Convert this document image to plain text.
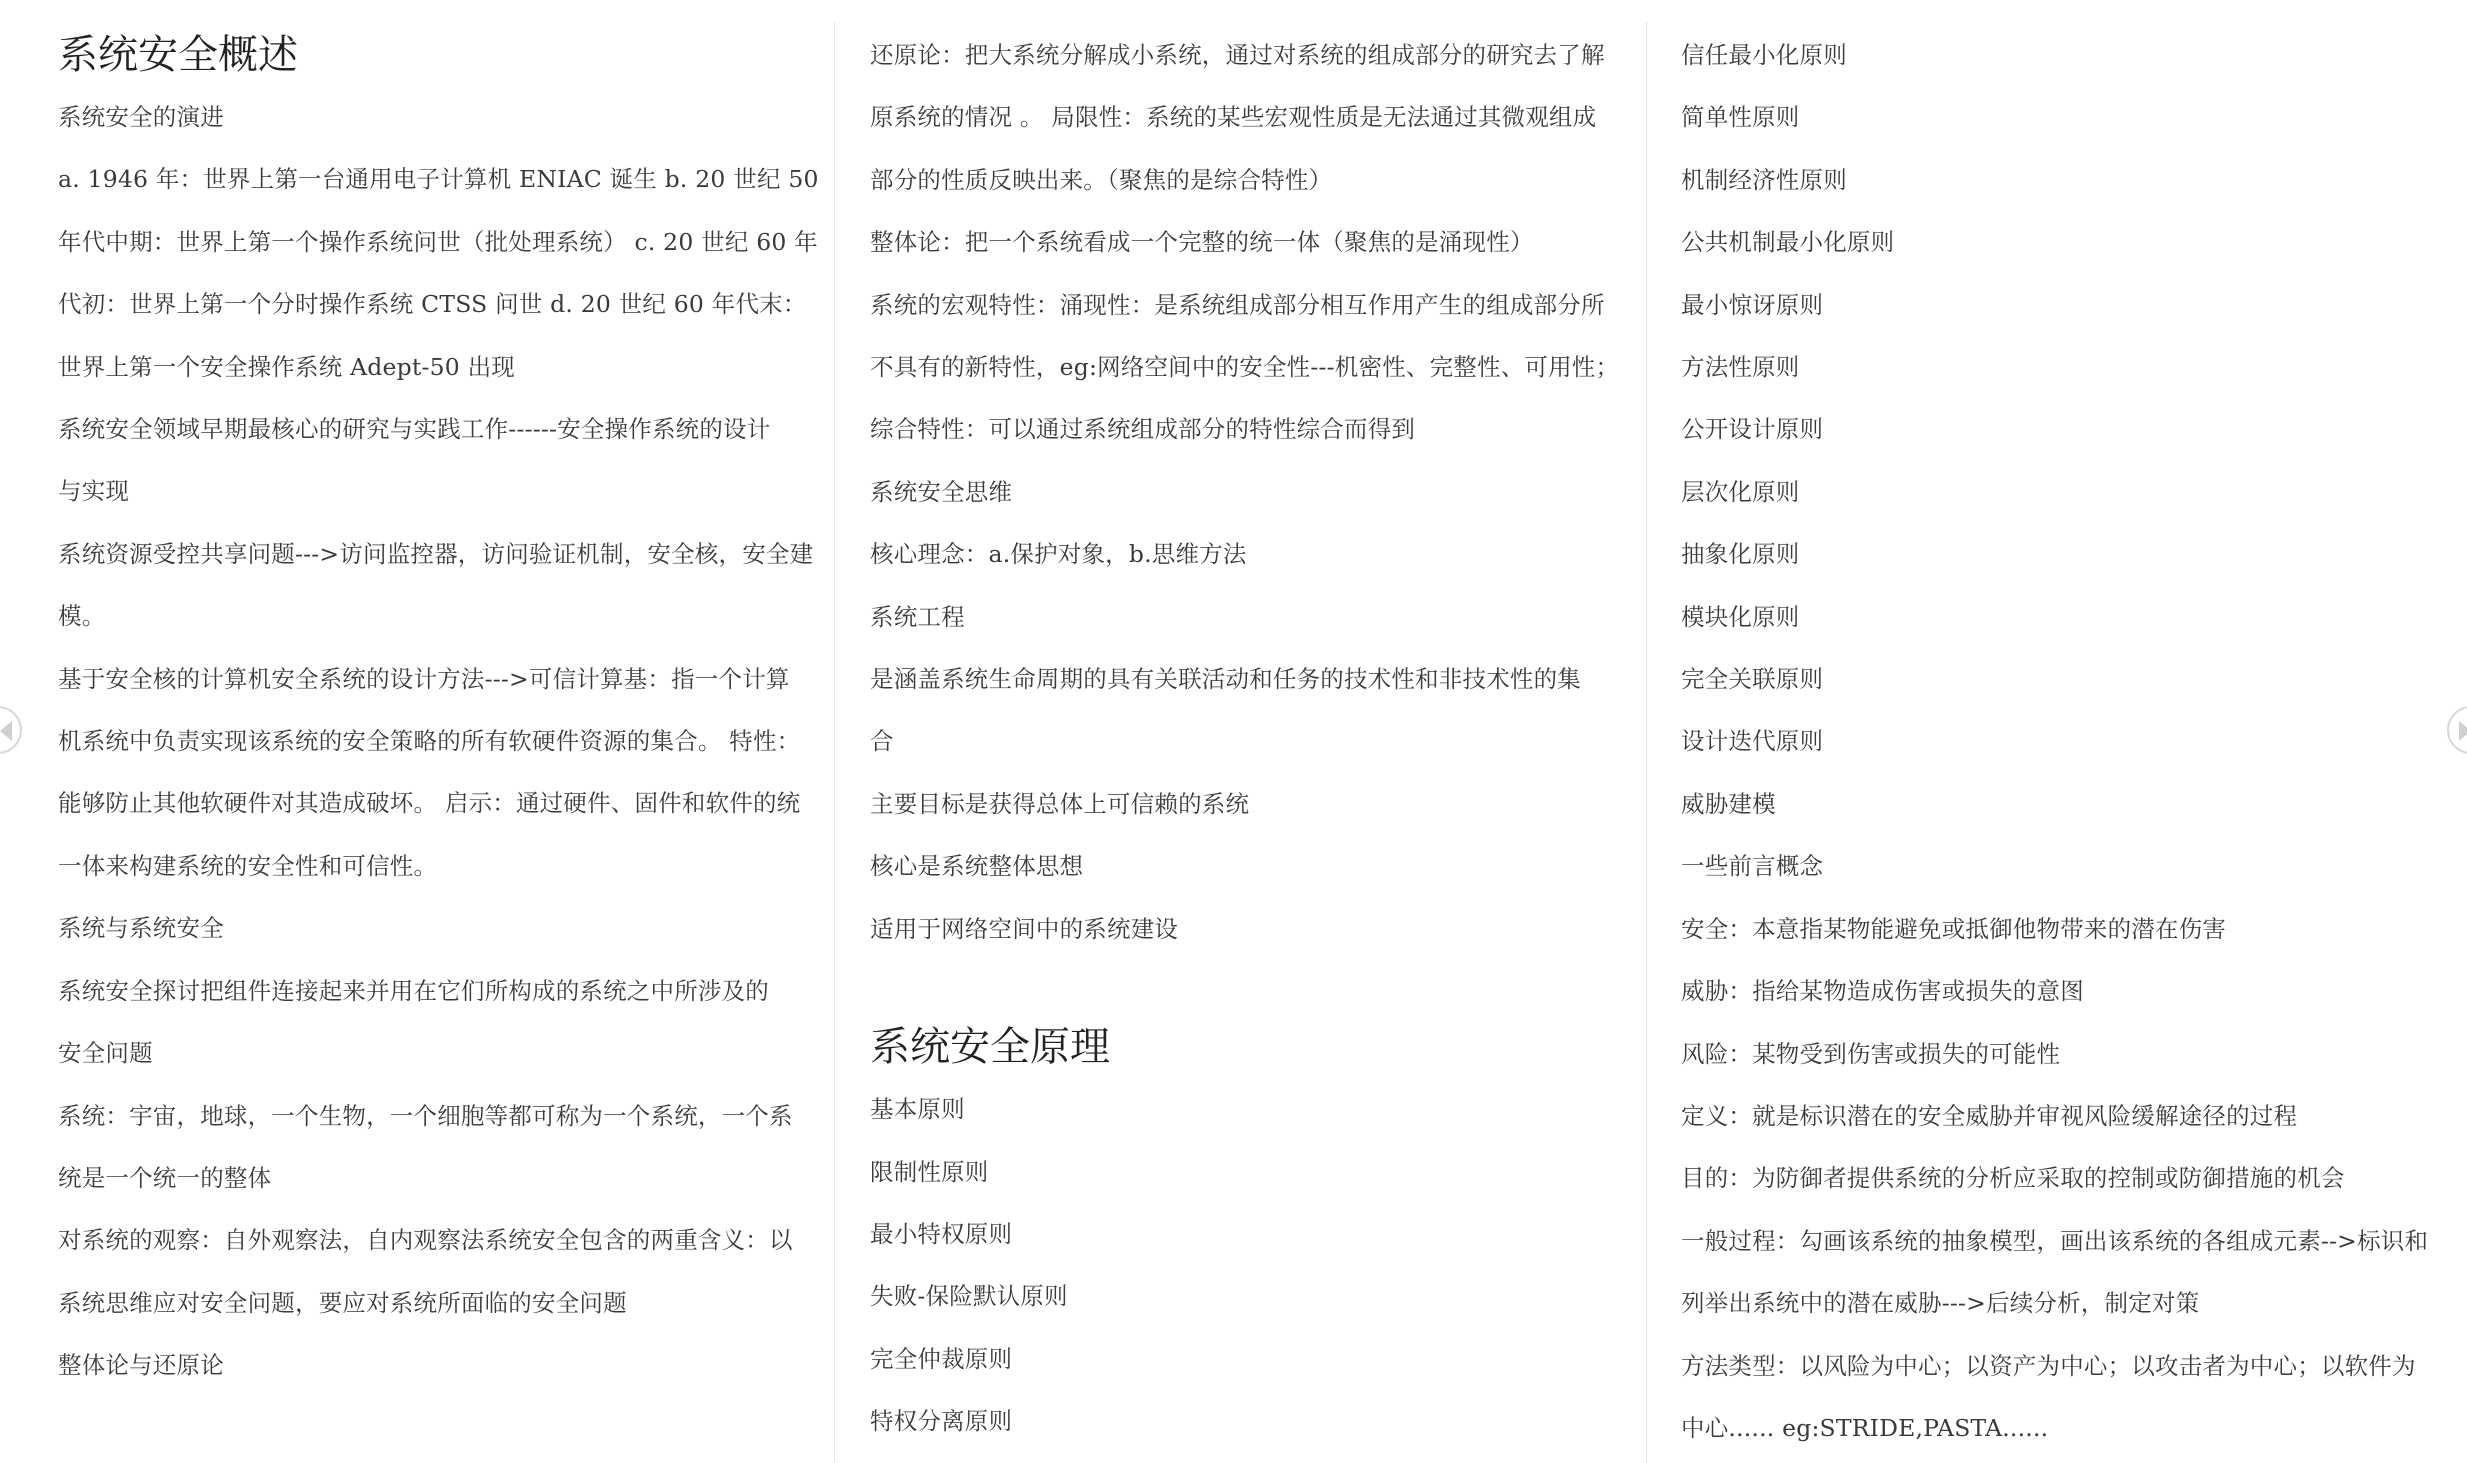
系统安全概述

系统安全的演进

a. 1946 年：世界上第一台通用电子计算机 ENIAC 诞生 b. 20 世纪 50
年代中期：世界上第一个操作系统问世（批处理系统） c. 20 世纪 60 年
代初：世界上第一个分时操作系统 CTSS 问世 d. 20 世纪 60 年代末：
世界上第一个安全操作系统 Adept-50 出现

系统安全领域早期最核心的研究与实践工作------安全操作系统的设计
与实现

系统资源受控共享问题--->访问监控器，访问验证机制，安全核，安全建
模。

基于安全核的计算机安全系统的设计方法--->可信计算基：指一个计算
机系统中负责实现该系统的安全策略的所有软硬件资源的集合。 特性：
能够防止其他软硬件对其造成破坏。 启示：通过硬件、固件和软件的统
一体来构建系统的安全性和可信性。

系统与系统安全

系统安全探讨把组件连接起来并用在它们所构成的系统之中所涉及的
安全问题

系统：宇宙，地球，一个生物，一个细胞等都可称为一个系统，一个系
统是一个统一的整体

对系统的观察：自外观察法，自内观察法系统安全包含的两重含义：以
系统思维应对安全问题，要应对系统所面临的安全问题

整体论与还原论

还原论：把大系统分解成小系统，通过对系统的组成部分的研究去了解
原系统的情况 。 局限性：系统的某些宏观性质是无法通过其微观组成
部分的性质反映出来。（聚焦的是综合特性）

整体论：把一个系统看成一个完整的统一体（聚焦的是涌现性）

系统的宏观特性：涌现性：是系统组成部分相互作用产生的组成部分所
不具有的新特性，eg:网络空间中的安全性---机密性、完整性、可用性；
综合特性：可以通过系统组成部分的特性综合而得到

系统安全思维

核心理念：a.保护对象，b.思维方法

系统工程

是涵盖系统生命周期的具有关联活动和任务的技术性和非技术性的集
合

主要目标是获得总体上可信赖的系统

核心是系统整体思想

适用于网络空间中的系统建设

系统安全原理

基本原则

限制性原则

最小特权原则

失败-保险默认原则

完全仲裁原则

特权分离原则

信任最小化原则

简单性原则

机制经济性原则

公共机制最小化原则

最小惊讶原则

方法性原则

公开设计原则

层次化原则

抽象化原则

模块化原则

完全关联原则

设计迭代原则

威胁建模

一些前言概念

安全：本意指某物能避免或抵御他物带来的潜在伤害

威胁：指给某物造成伤害或损失的意图

风险：某物受到伤害或损失的可能性

定义：就是标识潜在的安全威胁并审视风险缓解途径的过程

目的：为防御者提供系统的分析应采取的控制或防御措施的机会

一般过程：勾画该系统的抽象模型，画出该系统的各组成元素-->标识和
列举出系统中的潜在威胁--->后续分析，制定对策

方法类型：以风险为中心；以资产为中心；以攻击者为中心；以软件为
中心...... eg:STRIDE,PASTA......
